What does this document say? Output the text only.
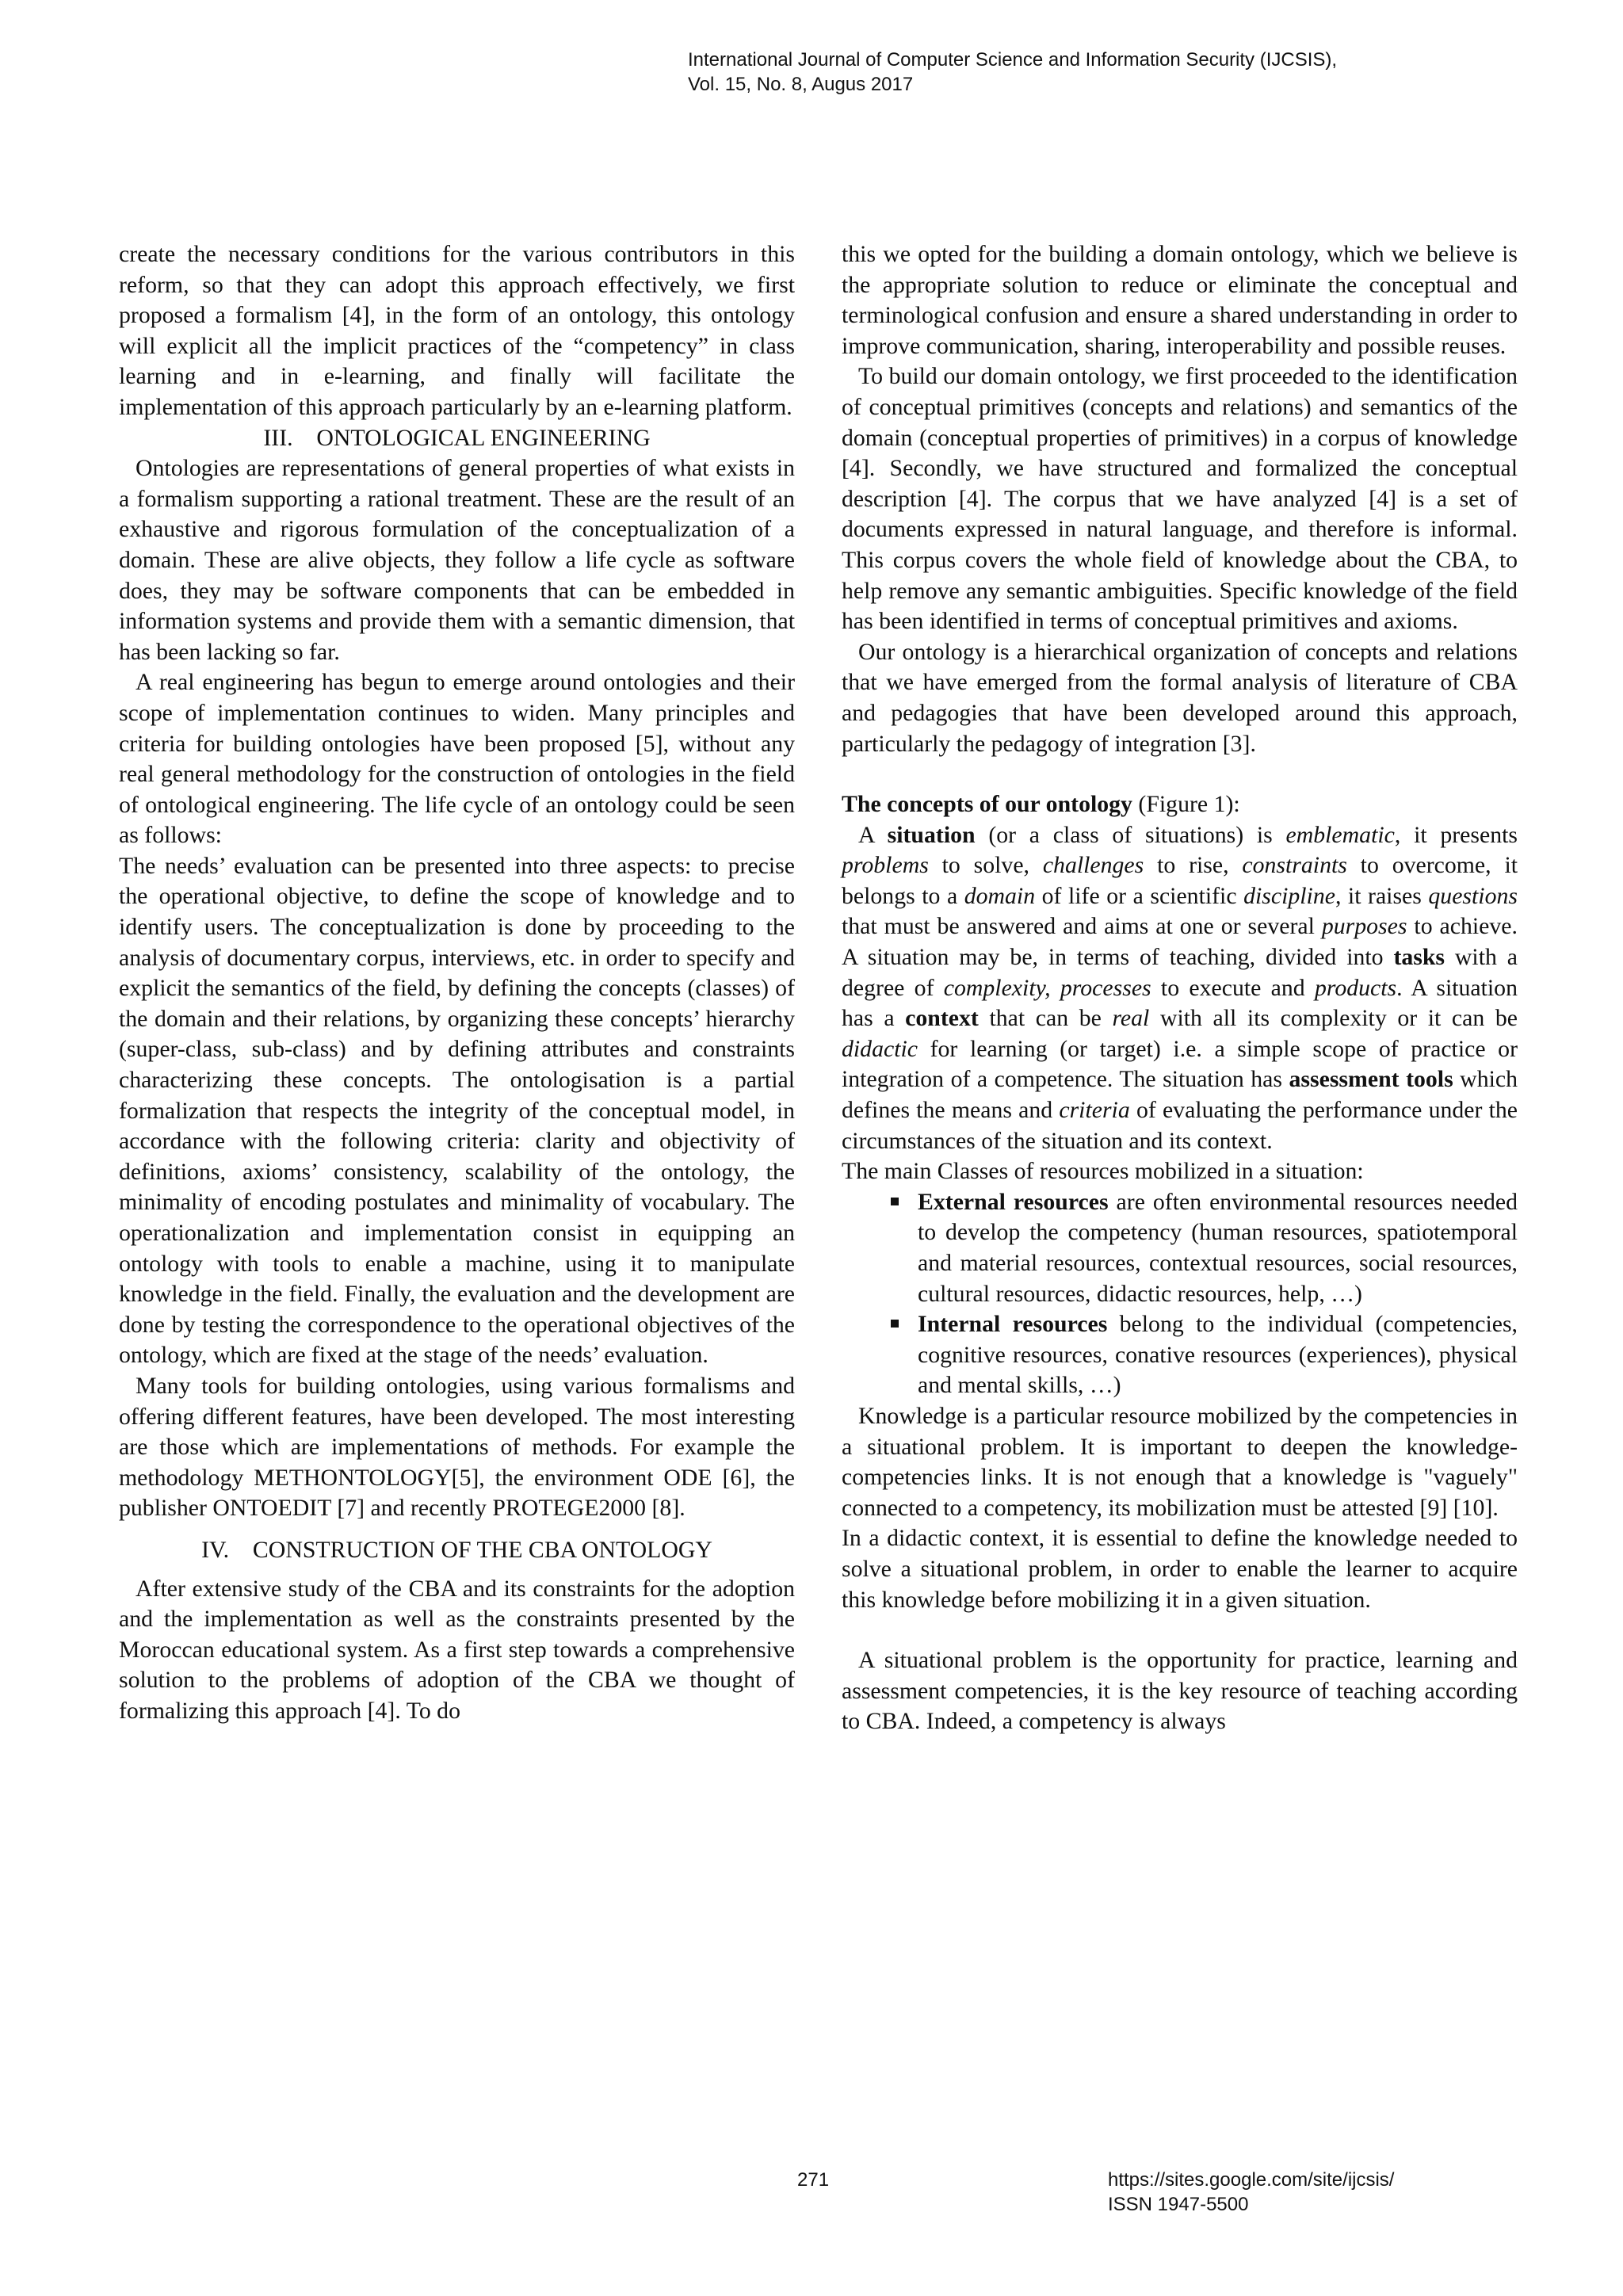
International Journal of Computer Science and Information Security (IJCSIS),
Vol. 15, No. 8, Augus 2017

create the necessary conditions for the various contributors in this reform, so that they can adopt this approach effectively, we first proposed a formalism [4], in the form of an ontology, this ontology will explicit all the implicit practices of the “competency” in class learning and in e-learning, and finally will facilitate the implementation of this approach particularly by an e-learning platform.

III.    ONTOLOGICAL ENGINEERING

Ontologies are representations of general properties of what exists in a formalism supporting a rational treatment. These are the result of an exhaustive and rigorous formulation of the conceptualization of a domain. These are alive objects, they follow a life cycle as software does, they may be software components that can be embedded in information systems and provide them with a semantic dimension, that has been lacking so far.

A real engineering has begun to emerge around ontologies and their scope of implementation continues to widen. Many principles and criteria for building ontologies have been proposed [5], without any real general methodology for the construction of ontologies in the field of ontological engineering. The life cycle of an ontology could be seen as follows:

The needs’ evaluation can be presented into three aspects: to precise the operational objective, to define the scope of knowledge and to identify users. The conceptualization is done by proceeding to the analysis of documentary corpus, interviews, etc. in order to specify and explicit the semantics of the field, by defining the concepts (classes) of the domain and their relations, by organizing these concepts’ hierarchy (super-class, sub-class) and by defining attributes and constraints characterizing these concepts. The ontologisation is a partial formalization that respects the integrity of the conceptual model, in accordance with the following criteria: clarity and objectivity of definitions, axioms’ consistency, scalability of the ontology, the minimality of encoding postulates and minimality of vocabulary. The operationalization and implementation consist in equipping an ontology with tools to enable a machine, using it to manipulate knowledge in the field. Finally, the evaluation and the development are done by testing the correspondence to the operational objectives of the ontology, which are fixed at the stage of the needs’ evaluation.

Many tools for building ontologies, using various formalisms and offering different features, have been developed. The most interesting are those which are implementations of methods. For example the methodology METHONTOLOGY[5], the environment ODE [6], the publisher ONTOEDIT [7] and recently PROTEGE2000 [8].

IV.    CONSTRUCTION OF THE CBA ONTOLOGY

After extensive study of the CBA and its constraints for the adoption and the implementation as well as the constraints presented by the Moroccan educational system. As a first step towards a comprehensive solution to the problems of adoption of the CBA we thought of formalizing this approach [4]. To do

this we opted for the building a domain ontology, which we believe is the appropriate solution to reduce or eliminate the conceptual and terminological confusion and ensure a shared understanding in order to improve communication, sharing, interoperability and possible reuses.

To build our domain ontology, we first proceeded to the identification of conceptual primitives (concepts and relations) and semantics of the domain (conceptual properties of primitives) in a corpus of knowledge [4]. Secondly, we have structured and formalized the conceptual description [4]. The corpus that we have analyzed [4] is a set of documents expressed in natural language, and therefore is informal. This corpus covers the whole field of knowledge about the CBA, to help remove any semantic ambiguities. Specific knowledge of the field has been identified in terms of conceptual primitives and axioms.

Our ontology is a hierarchical organization of concepts and relations that we have emerged from the formal analysis of literature of CBA and pedagogies that have been developed around this approach, particularly the pedagogy of integration [3].

The concepts of our ontology (Figure 1):

A situation (or a class of situations) is emblematic, it presents problems to solve, challenges to rise, constraints to overcome, it belongs to a domain of life or a scientific discipline, it raises questions that must be answered and aims at one or several purposes to achieve. A situation may be, in terms of teaching, divided into tasks with a degree of complexity, processes to execute and products. A situation has a context that can be real with all its complexity or it can be didactic for learning (or target) i.e. a simple scope of practice or integration of a competence. The situation has assessment tools which defines the means and criteria of evaluating the performance under the circumstances of the situation and its context.

The main Classes of resources mobilized in a situation:

External resources are often environmental resources needed to develop the competency (human resources, spatiotemporal and material resources, contextual resources, social resources, cultural resources, didactic resources, help, …)
Internal resources belong to the individual (competencies, cognitive resources, conative resources (experiences), physical and mental skills, …)

Knowledge is a particular resource mobilized by the competencies in a situational problem. It is important to deepen the knowledge-competencies links. It is not enough that a knowledge is "vaguely" connected to a competency, its mobilization must be attested [9] [10].

In a didactic context, it is essential to define the knowledge needed to solve a situational problem, in order to enable the learner to acquire this knowledge before mobilizing it in a given situation.

A situational problem is the opportunity for practice, learning and assessment competencies, it is the key resource of teaching according to CBA. Indeed, a competency is always

271	https://sites.google.com/site/ijcsis/
ISSN 1947-5500
